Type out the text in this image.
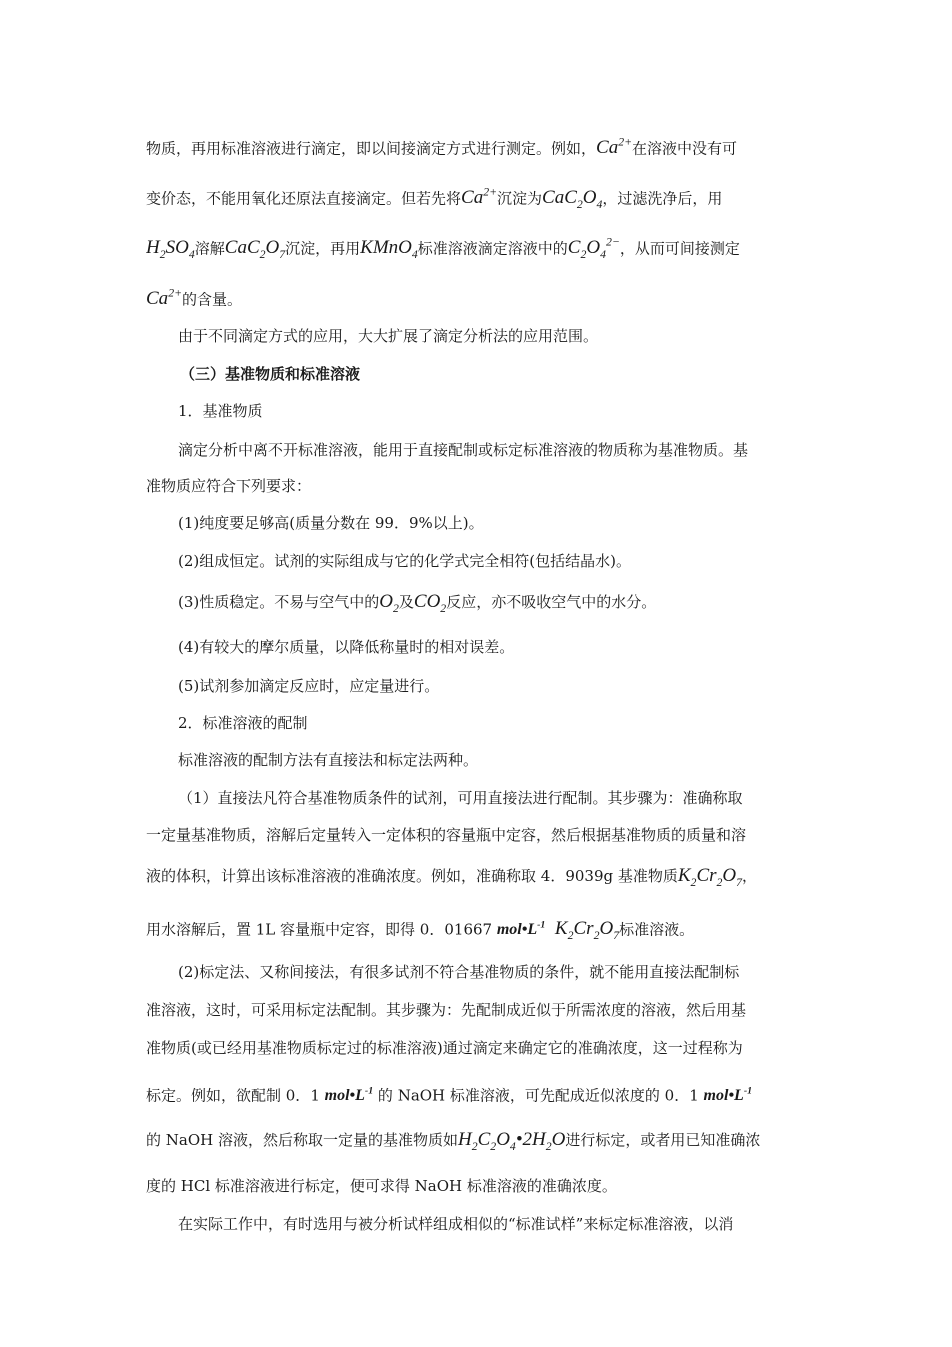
物质，再用标准溶液进行滴定，即以间接滴定方式进行测定。例如，$Ca^{2+}$在溶液中没有可
变价态，不能用氧化还原法直接滴定。但若先将$Ca^{2+}$沉淀为$CaC_2O_4$，过滤洗净后，用
$H_2SO_4$溶解$CaC_2O_7$沉淀，再用KMnO$_4$标准溶液滴定溶液中的$C_2O_4^{2-}$，从而可间接测定
$Ca^{2+}$的含量。
由于不同滴定方式的应用，大大扩展了滴定分析法的应用范围。
（三）基准物质和标准溶液
1．基准物质
滴定分析中离不开标准溶液，能用于直接配制或标定标准溶液的物质称为基准物质。基
准物质应符合下列要求：
(1)纯度要足够高(质量分数在 99．9%以上)。
(2)组成恒定。试剂的实际组成与它的化学式完全相符(包括结晶水)。
(3)性质稳定。不易与空气中的$O_2$及$CO_2$反应，亦不吸收空气中的水分。
(4)有较大的摩尔质量，以降低称量时的相对误差。
(5)试剂参加滴定反应时，应定量进行。
2．标准溶液的配制
标准溶液的配制方法有直接法和标定法两种。
（1）直接法凡符合基准物质条件的试剂，可用直接法进行配制。其步骤为：准确称取
一定量基准物质，溶解后定量转入一定体积的容量瓶中定容，然后根据基准物质的质量和溶
液的体积，计算出该标准溶液的准确浓度。例如，准确称取 4．9039g 基准物质$K_2Cr_2O_7$，
用水溶解后，置 1L 容量瓶中定容，即得 0．01667 $mol•L^{-1}$ $K_2Cr_2O_7$标准溶液。
(2)标定法、又称间接法，有很多试剂不符合基准物质的条件，就不能用直接法配制标
准溶液，这时，可采用标定法配制。其步骤为：先配制成近似于所需浓度的溶液，然后用基
准物质(或已经用基准物质标定过的标准溶液)通过滴定来确定它的准确浓度，这一过程称为
标定。例如，欲配制 0．1 $mol•L^{-1}$ 的 NaOH 标准溶液，可先配成近似浓度的 0．1 $mol•L^{-1}$
的 NaOH 溶液，然后称取一定量的基准物质如$H_2C_2O_4•2H_2O$进行标定，或者用已知准确浓
度的 HCl 标准溶液进行标定，便可求得 NaOH 标准溶液的准确浓度。
在实际工作中，有时选用与被分析试样组成相似的“标准试样”来标定标准溶液，以消
